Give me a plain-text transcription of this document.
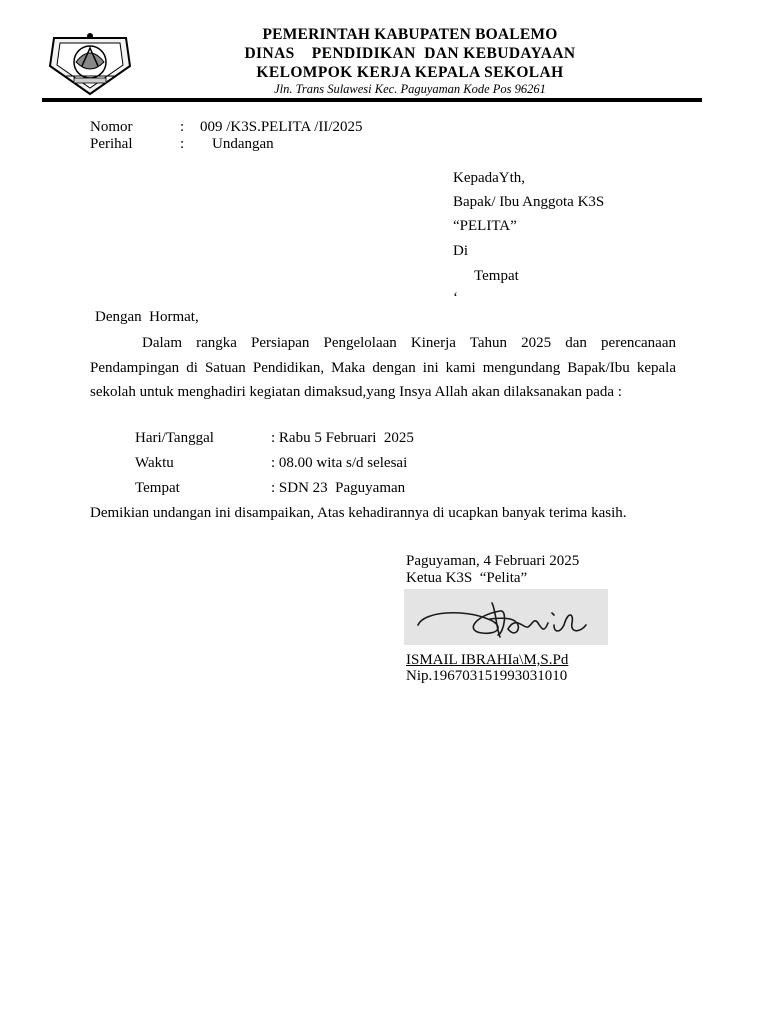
PEMERINTAH KABUPATEN BOALEMO
DINAS    PENDIDIKAN  DAN KEBUDAYAAN
KELOMPOK KERJA KEPALA SEKOLAH
Jln. Trans Sulawesi Kec. Paguyaman Kode Pos 96261
Nomor	: 009 /K3S.PELITA /II/2025
Perihal	: Undangan
KepadaYth,
Bapak/ Ibu Anggota K3S
“PELITA”
Di
Tempat
‘
Dengan  Hormat,
Dalam rangka Persiapan Pengelolaan Kinerja Tahun 2025 dan perencanaan Pendampingan di Satuan Pendidikan, Maka dengan ini kami mengundang Bapak/Ibu kepala sekolah untuk menghadiri kegiatan dimaksud,yang Insya Allah akan dilaksanakan pada :
Hari/Tanggal	: Rabu 5 Februari  2025
Waktu	: 08.00 wita s/d selesai
Tempat	: SDN 23  Paguyaman
Demikian undangan ini disampaikan, Atas kehadirannya di ucapkan banyak terima kasih.
Paguyaman, 4 Februari 2025
Ketua K3S  “Pelita”
ISMAIL IBRAHIa\M,S.Pd
Nip.196703151993031010
